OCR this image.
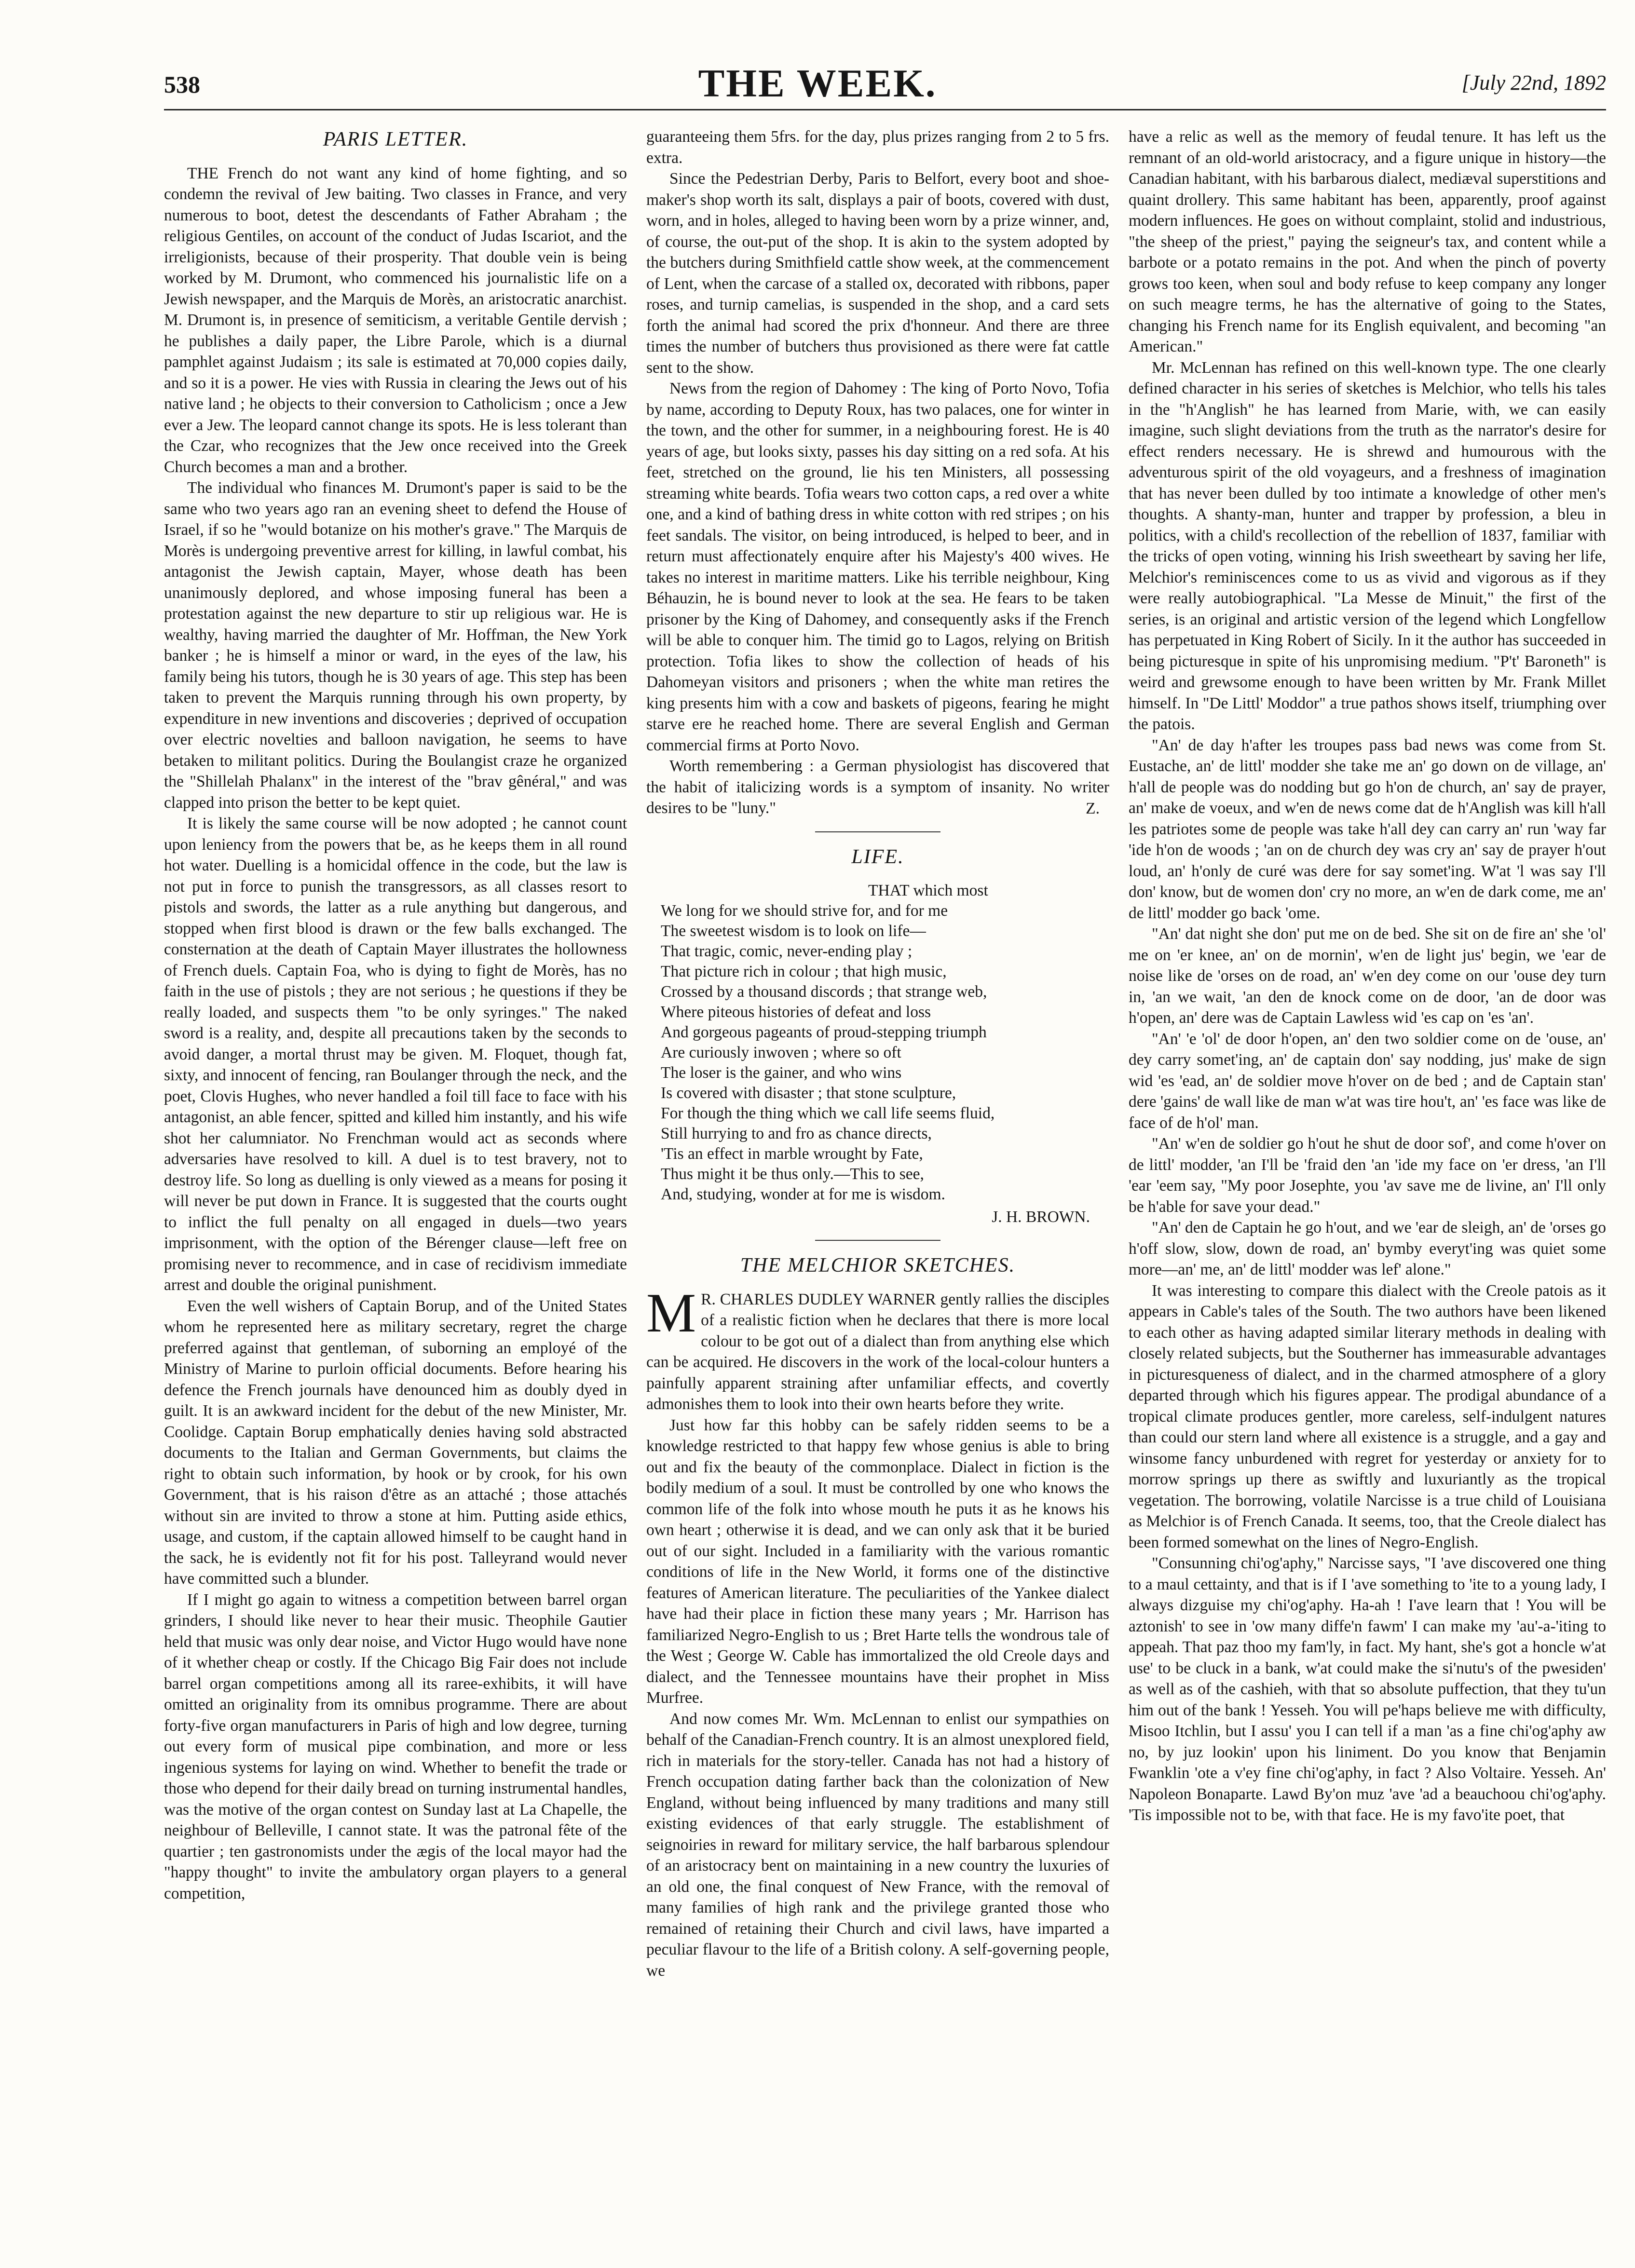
538	THE WEEK.	[July 22nd, 1892
PARIS LETTER.

THE French do not want any kind of home fighting, and so condemn the revival of Jew baiting. Two classes in France, and very numerous to boot, detest the descendants of Father Abraham ; the religious Gentiles, on account of the conduct of Judas Iscariot, and the irreligionists, because of their prosperity. That double vein is being worked by M. Drumont, who commenced his journalistic life on a Jewish newspaper, and the Marquis de Morès, an aristocratic anarchist. M. Drumont is, in presence of semiticism, a veritable Gentile dervish ; he publishes a daily paper, the Libre Parole, which is a diurnal pamphlet against Judaism ; its sale is estimated at 70,000 copies daily, and so it is a power. He vies with Russia in clearing the Jews out of his native land ; he objects to their conversion to Catholicism ; once a Jew ever a Jew. The leopard cannot change its spots. He is less tolerant than the Czar, who recognizes that the Jew once received into the Greek Church becomes a man and a brother.

The individual who finances M. Drumont's paper is said to be the same who two years ago ran an evening sheet to defend the House of Israel, if so he "would botanize on his mother's grave." The Marquis de Morès is undergoing preventive arrest for killing, in lawful combat, his antagonist the Jewish captain, Mayer, whose death has been unanimously deplored, and whose imposing funeral has been a protestation against the new departure to stir up religious war. He is wealthy, having married the daughter of Mr. Hoffman, the New York banker ; he is himself a minor or ward, in the eyes of the law, his family being his tutors, though he is 30 years of age. This step has been taken to prevent the Marquis running through his own property, by expenditure in new inventions and discoveries ; deprived of occupation over electric novelties and balloon navigation, he seems to have betaken to militant politics. During the Boulangist craze he organized the "Shillelah Phalanx" in the interest of the "brav gênéral," and was clapped into prison the better to be kept quiet.

It is likely the same course will be now adopted ; he cannot count upon leniency from the powers that be, as he keeps them in all round hot water. Duelling is a homicidal offence in the code, but the law is not put in force to punish the transgressors, as all classes resort to pistols and swords, the latter as a rule anything but dangerous, and stopped when first blood is drawn or the few balls exchanged. The consternation at the death of Captain Mayer illustrates the hollowness of French duels. Captain Foa, who is dying to fight de Morès, has no faith in the use of pistols ; they are not serious ; he questions if they be really loaded, and suspects them "to be only syringes." The naked sword is a reality, and, despite all precautions taken by the seconds to avoid danger, a mortal thrust may be given. M. Floquet, though fat, sixty, and innocent of fencing, ran Boulanger through the neck, and the poet, Clovis Hughes, who never handled a foil till face to face with his antagonist, an able fencer, spitted and killed him instantly, and his wife shot her calumniator. No Frenchman would act as seconds where adversaries have resolved to kill. A duel is to test bravery, not to destroy life. So long as duelling is only viewed as a means for posing it will never be put down in France. It is suggested that the courts ought to inflict the full penalty on all engaged in duels—two years imprisonment, with the option of the Bérenger clause—left free on promising never to recommence, and in case of recidivism immediate arrest and double the original punishment.

Even the well wishers of Captain Borup, and of the United States whom he represented here as military secretary, regret the charge preferred against that gentleman, of suborning an employé of the Ministry of Marine to purloin official documents. Before hearing his defence the French journals have denounced him as doubly dyed in guilt. It is an awkward incident for the debut of the new Minister, Mr. Coolidge. Captain Borup emphatically denies having sold abstracted documents to the Italian and German Governments, but claims the right to obtain such information, by hook or by crook, for his own Government, that is his raison d'être as an attaché ; those attachés without sin are invited to throw a stone at him. Putting aside ethics, usage, and custom, if the captain allowed himself to be caught hand in the sack, he is evidently not fit for his post. Talleyrand would never have committed such a blunder.

If I might go again to witness a competition between barrel organ grinders, I should like never to hear their music. Theophile Gautier held that music was only dear noise, and Victor Hugo would have none of it whether cheap or costly. If the Chicago Big Fair does not include barrel organ competitions among all its raree-exhibits, it will have omitted an originality from its omnibus programme. There are about forty-five organ manufacturers in Paris of high and low degree, turning out every form of musical pipe combination, and more or less ingenious systems for laying on wind. Whether to benefit the trade or those who depend for their daily bread on turning instrumental handles, was the motive of the organ contest on Sunday last at La Chapelle, the neighbour of Belleville, I cannot state. It was the patronal fête of the quartier ; ten gastronomists under the ægis of the local mayor had the "happy thought" to invite the ambulatory organ players to a general competition,

guaranteeing them 5frs. for the day, plus prizes ranging from 2 to 5 frs. extra.

Since the Pedestrian Derby, Paris to Belfort, every boot and shoe-maker's shop worth its salt, displays a pair of boots, covered with dust, worn, and in holes, alleged to having been worn by a prize winner, and, of course, the out-put of the shop. It is akin to the system adopted by the butchers during Smithfield cattle show week, at the commencement of Lent, when the carcase of a stalled ox, decorated with ribbons, paper roses, and turnip camelias, is suspended in the shop, and a card sets forth the animal had scored the prix d'honneur. And there are three times the number of butchers thus provisioned as there were fat cattle sent to the show.

News from the region of Dahomey : The king of Porto Novo, Tofia by name, according to Deputy Roux, has two palaces, one for winter in the town, and the other for summer, in a neighbouring forest. He is 40 years of age, but looks sixty, passes his day sitting on a red sofa. At his feet, stretched on the ground, lie his ten Ministers, all possessing streaming white beards. Tofia wears two cotton caps, a red over a white one, and a kind of bathing dress in white cotton with red stripes ; on his feet sandals. The visitor, on being introduced, is helped to beer, and in return must affectionately enquire after his Majesty's 400 wives. He takes no interest in maritime matters. Like his terrible neighbour, King Béhauzin, he is bound never to look at the sea. He fears to be taken prisoner by the King of Dahomey, and consequently asks if the French will be able to conquer him. The timid go to Lagos, relying on British protection. Tofia likes to show the collection of heads of his Dahomeyan visitors and prisoners ; when the white man retires the king presents him with a cow and baskets of pigeons, fearing he might starve ere he reached home. There are several English and German commercial firms at Porto Novo.

Worth remembering : a German physiologist has discovered that the habit of italicizing words is a symptom of insanity. No writer desires to be "luny."	Z.
LIFE.
THAT which most
We long for we should strive for, and for me
The sweetest wisdom is to look on life—
That tragic, comic, never-ending play ;
That picture rich in colour ; that high music,
Crossed by a thousand discords ; that strange web,
Where piteous histories of defeat and loss
And gorgeous pageants of proud-stepping triumph
Are curiously inwoven ; where so oft
The loser is the gainer, and who wins
Is covered with disaster ; that stone sculpture,
For though the thing which we call life seems fluid,
Still hurrying to and fro as chance directs,
'Tis an effect in marble wrought by Fate,
Thus might it be thus only.—This to see,
And, studying, wonder at for me is wisdom.
J. H. BROWN.
THE MELCHIOR SKETCHES.

M R. CHARLES DUDLEY WARNER gently rallies the disciples of a realistic fiction when he declares that there is more local colour to be got out of a dialect than from anything else which can be acquired. He discovers in the work of the local-colour hunters a painfully apparent straining after unfamiliar effects, and covertly admonishes them to look into their own hearts before they write.

Just how far this hobby can be safely ridden seems to be a knowledge restricted to that happy few whose genius is able to bring out and fix the beauty of the commonplace. Dialect in fiction is the bodily medium of a soul. It must be controlled by one who knows the common life of the folk into whose mouth he puts it as he knows his own heart ; otherwise it is dead, and we can only ask that it be buried out of our sight. Included in a familiarity with the various romantic conditions of life in the New World, it forms one of the distinctive features of American literature. The peculiarities of the Yankee dialect have had their place in fiction these many years ; Mr. Harrison has familiarized Negro-English to us ; Bret Harte tells the wondrous tale of the West ; George W. Cable has immortalized the old Creole days and dialect, and the Tennessee mountains have their prophet in Miss Murfree.

And now comes Mr. Wm. McLennan to enlist our sympathies on behalf of the Canadian-French country. It is an almost unexplored field, rich in materials for the story-teller. Canada has not had a history of French occupation dating farther back than the colonization of New England, without being influenced by many traditions and many still existing evidences of that early struggle. The establishment of seignoiries in reward for military service, the half barbarous splendour of an aristocracy bent on maintaining in a new country the luxuries of an old one, the final conquest of New France, with the removal of many families of high rank and the privilege granted those who remained of retaining their Church and civil laws, have imparted a peculiar flavour to the life of a British colony. A self-governing people, we

have a relic as well as the memory of feudal tenure. It has left us the remnant of an old-world aristocracy, and a figure unique in history—the Canadian habitant, with his barbarous dialect, mediæval superstitions and quaint drollery. This same habitant has been, apparently, proof against modern influences. He goes on without complaint, stolid and industrious, "the sheep of the priest," paying the seigneur's tax, and content while a barbote or a potato remains in the pot. And when the pinch of poverty grows too keen, when soul and body refuse to keep company any longer on such meagre terms, he has the alternative of going to the States, changing his French name for its English equivalent, and becoming "an American."

Mr. McLennan has refined on this well-known type. The one clearly defined character in his series of sketches is Melchior, who tells his tales in the "h'Anglish" he has learned from Marie, with, we can easily imagine, such slight deviations from the truth as the narrator's desire for effect renders necessary. He is shrewd and humourous with the adventurous spirit of the old voyageurs, and a freshness of imagination that has never been dulled by too intimate a knowledge of other men's thoughts. A shanty-man, hunter and trapper by profession, a bleu in politics, with a child's recollection of the rebellion of 1837, familiar with the tricks of open voting, winning his Irish sweetheart by saving her life, Melchior's reminiscences come to us as vivid and vigorous as if they were really autobiographical. "La Messe de Minuit," the first of the series, is an original and artistic version of the legend which Longfellow has perpetuated in King Robert of Sicily. In it the author has succeeded in being picturesque in spite of his unpromising medium. "P't' Baroneth" is weird and grewsome enough to have been written by Mr. Frank Millet himself. In "De Littl' Moddor" a true pathos shows itself, triumphing over the patois.

"An' de day h'after les troupes pass bad news was come from St. Eustache, an' de littl' modder she take me an' go down on de village, an' h'all de people was do nodding but go h'on de church, an' say de prayer, an' make de voeux, and w'en de news come dat de h'Anglish was kill h'all les patriotes some de people was take h'all dey can carry an' run 'way far 'ide h'on de woods ; 'an on de church dey was cry an' say de prayer h'out loud, an' h'only de curé was dere for say somet'ing. W'at 'l was say I'll don' know, but de women don' cry no more, an w'en de dark come, me an' de littl' modder go back 'ome.

"An' dat night she don' put me on de bed. She sit on de fire an' she 'ol' me on 'er knee, an' on de mornin', w'en de light jus' begin, we 'ear de noise like de 'orses on de road, an' w'en dey come on our 'ouse dey turn in, 'an we wait, 'an den de knock come on de door, 'an de door was h'open, an' dere was de Captain Lawless wid 'es cap on 'es 'an'.

"An' 'e 'ol' de door h'open, an' den two soldier come on de 'ouse, an' dey carry somet'ing, an' de captain don' say nodding, jus' make de sign wid 'es 'ead, an' de soldier move h'over on de bed ; and de Captain stan' dere 'gains' de wall like de man w'at was tire hou't, an' 'es face was like de face of de h'ol' man.

"An' w'en de soldier go h'out he shut de door sof', and come h'over on de littl' modder, 'an I'll be 'fraid den 'an 'ide my face on 'er dress, 'an I'll 'ear 'eem say, "My poor Josephte, you 'av save me de livine, an' I'll only be h'able for save your dead."

"An' den de Captain he go h'out, and we 'ear de sleigh, an' de 'orses go h'off slow, slow, down de road, an' bymby everyt'ing was quiet some more—an' me, an' de littl' modder was lef' alone."

It was interesting to compare this dialect with the Creole patois as it appears in Cable's tales of the South. The two authors have been likened to each other as having adapted similar literary methods in dealing with closely related subjects, but the Southerner has immeasurable advantages in picturesqueness of dialect, and in the charmed atmosphere of a glory departed through which his figures appear. The prodigal abundance of a tropical climate produces gentler, more careless, self-indulgent natures than could our stern land where all existence is a struggle, and a gay and winsome fancy unburdened with regret for yesterday or anxiety for to morrow springs up there as swiftly and luxuriantly as the tropical vegetation. The borrowing, volatile Narcisse is a true child of Louisiana as Melchior is of French Canada. It seems, too, that the Creole dialect has been formed somewhat on the lines of Negro-English.

"Consunning chi'og'aphy," Narcisse says, "I 'ave discovered one thing to a maul cettainty, and that is if I 'ave something to 'ite to a young lady, I always dizguise my chi'og'aphy. Ha-ah ! I'ave learn that ! You will be aztonish' to see in 'ow many diffe'n fawm' I can make my 'au'-a-'iting to appeah. That paz thoo my fam'ly, in fact. My hant, she's got a honcle w'at use' to be cluck in a bank, w'at could make the si'nutu's of the pwesiden' as well as of the cashieh, with that so absolute puffection, that they tu'un him out of the bank ! Yesseh. You will pe'haps believe me with difficulty, Misoo Itchlin, but I assu' you I can tell if a man 'as a fine chi'og'aphy aw no, by juz lookin' upon his liniment. Do you know that Benjamin Fwanklin 'ote a v'ey fine chi'og'aphy, in fact ? Also Voltaire. Yesseh. An' Napoleon Bonaparte. Lawd By'on muz 'ave 'ad a beauchoou chi'og'aphy. 'Tis impossible not to be, with that face. He is my favo'ite poet, that
